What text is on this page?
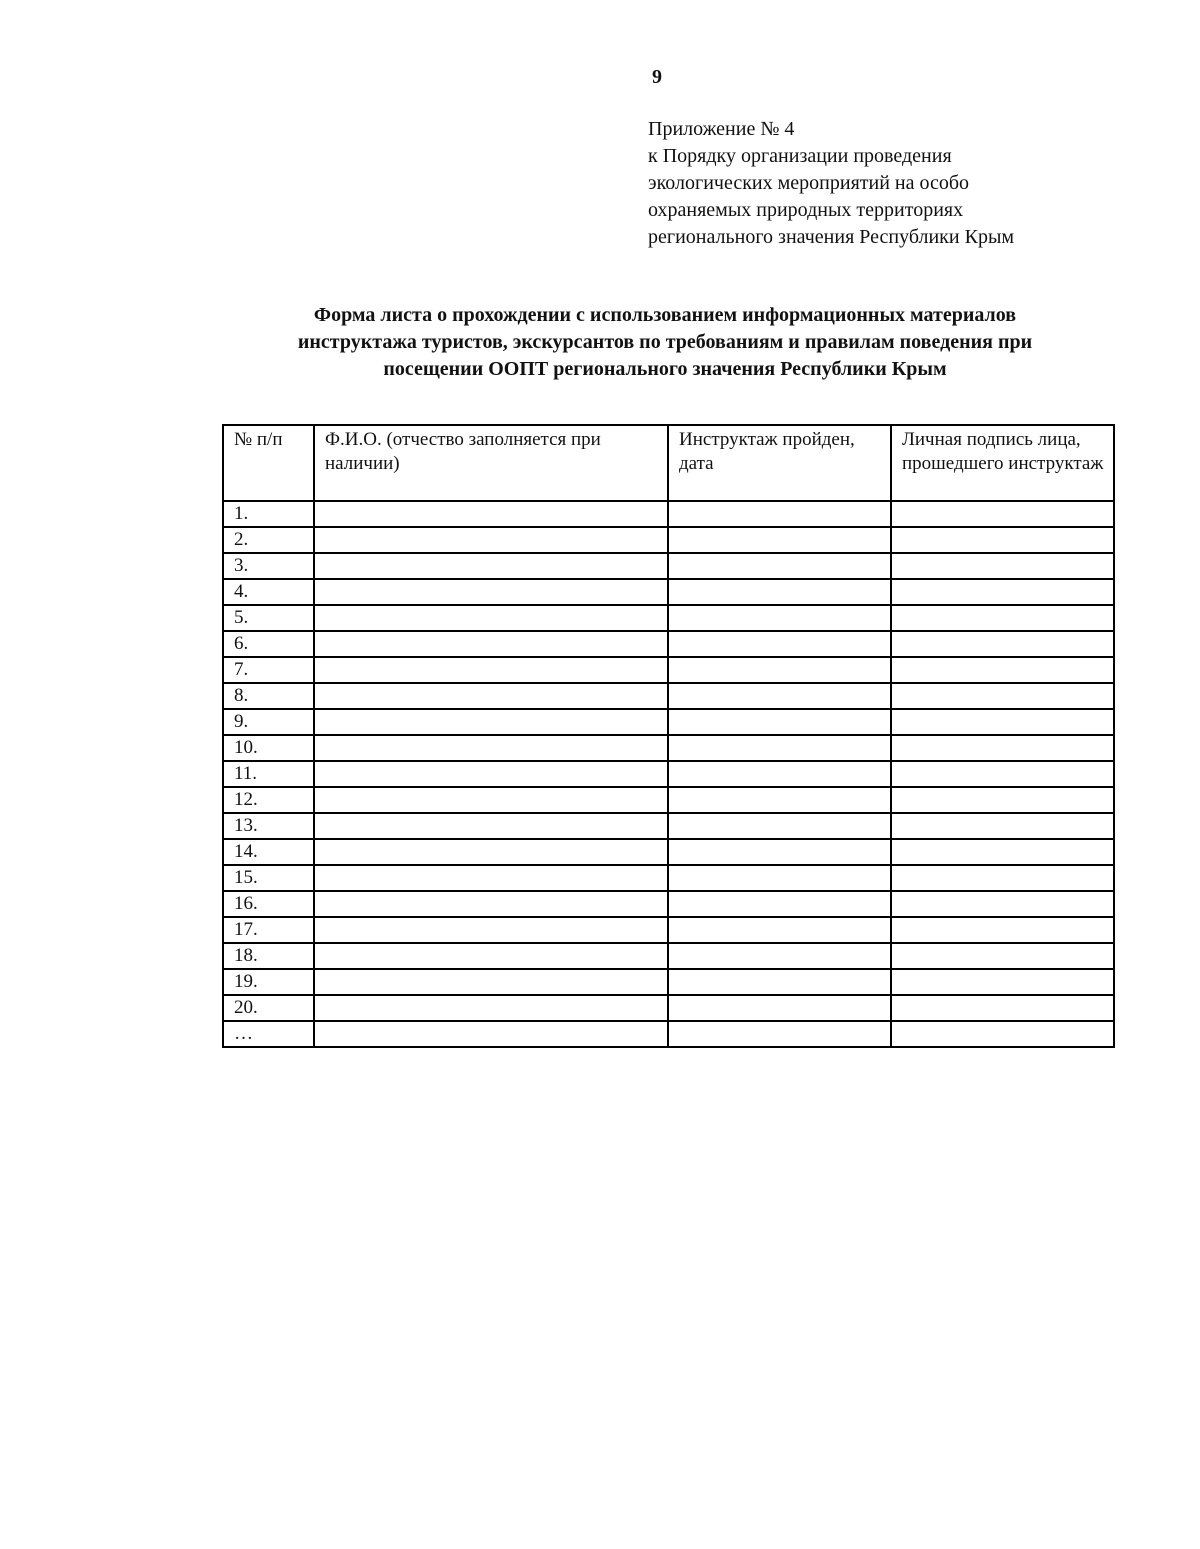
9
Приложение № 4
к Порядку организации проведения
экологических мероприятий на особо
охраняемых природных территориях
регионального значения Республики Крым
Форма листа о прохождении с использованием информационных материалов
инструктажа туристов, экскурсантов по требованиям и правилам поведения при
посещении ООПТ регионального значения Республики Крым
№ п/п	Ф.И.О. (отчество заполняется при наличии)	Инструктаж пройден, дата	Личная подпись лица, прошедшего инструктаж
1.			
2.			
3.			
4.			
5.			
6.			
7.			
8.			
9.			
10.			
11.			
12.			
13.			
14.			
15.			
16.			
17.			
18.			
19.			
20.			
…			
